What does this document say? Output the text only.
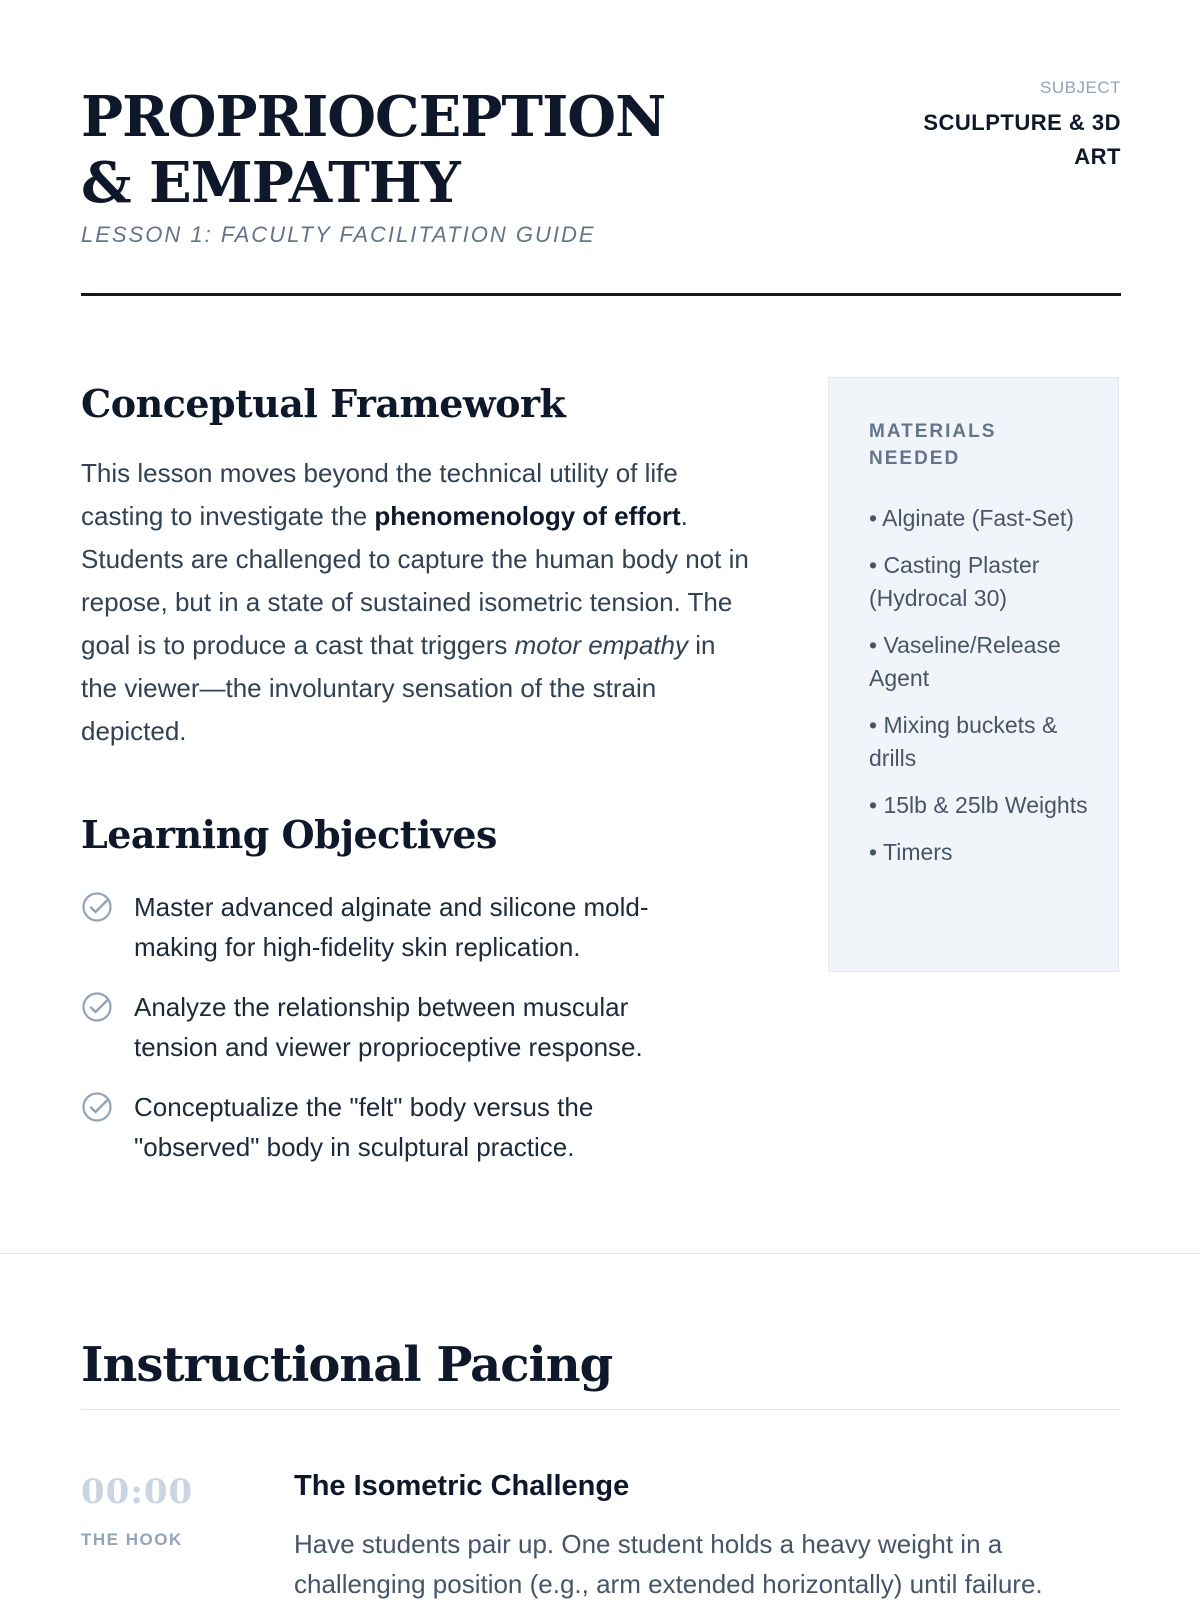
PROPRIOCEPTION & EMPATHY
LESSON 1: FACULTY FACILITATION GUIDE
SUBJECT
SCULPTURE & 3D ART
Conceptual Framework

This lesson moves beyond the technical utility of life casting to investigate the phenomenology of effort. Students are challenged to capture the human body not in repose, but in a state of sustained isometric tension. The goal is to produce a cast that triggers motor empathy in the viewer—the involuntary sensation of the strain depicted.

Learning Objectives
Master advanced alginate and silicone mold-making for high-fidelity skin replication.
Analyze the relationship between muscular tension and viewer proprioceptive response.
Conceptualize the "felt" body versus the "observed" body in sculptural practice.
MATERIALS NEEDED
• Alginate (Fast-Set)
• Casting Plaster (Hydrocal 30)
• Vaseline/Release Agent
• Mixing buckets & drills
• 15lb & 25lb Weights
• Timers
Instructional Pacing
00:00
THE HOOK
The Isometric Challenge

Have students pair up. One student holds a heavy weight in a challenging position (e.g., arm extended horizontally) until failure.
